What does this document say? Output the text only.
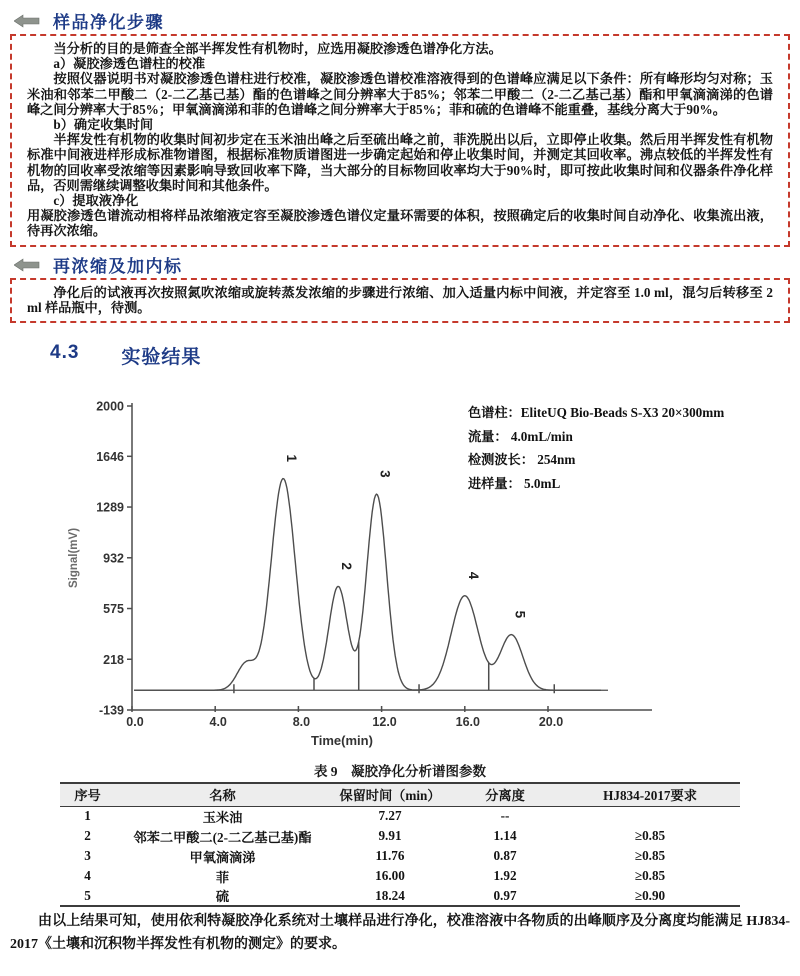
样品净化步骤

当分析的目的是筛查全部半挥发性有机物时，应选用凝胶渗透色谱净化方法。

a）凝胶渗透色谱柱的校准

按照仪器说明书对凝胶渗透色谱柱进行校准，凝胶渗透色谱校准溶液得到的色谱峰应满足以下条件：所有峰形均匀对称；玉米油和邻苯二甲酸二（2-二乙基己基）酯的色谱峰之间分辨率大于85%；邻苯二甲酸二（2-二乙基己基）酯和甲氧滴滴涕的色谱峰之间分辨率大于85%；甲氧滴滴涕和菲的色谱峰之间分辨率大于85%；菲和硫的色谱峰不能重叠，基线分离大于90%。

b）确定收集时间

半挥发性有机物的收集时间初步定在玉米油出峰之后至硫出峰之前，菲洗脱出以后，立即停止收集。然后用半挥发性有机物标准中间液进样形成标准物谱图，根据标准物质谱图进一步确定起始和停止收集时间，并测定其回收率。沸点较低的半挥发性有机物的回收率受浓缩等因素影响导致回收率下降，当大部分的目标物回收率均大于90%时，即可按此收集时间和仪器条件净化样品，否则需继续调整收集时间和其他条件。

c）提取液净化

用凝胶渗透色谱流动相将样品浓缩液定容至凝胶渗透色谱仪定量环需要的体积，按照确定后的收集时间自动净化、收集流出液，待再次浓缩。

再浓缩及加内标

净化后的试液再次按照氮吹浓缩或旋转蒸发浓缩的步骤进行浓缩、加入适量内标中间液，并定容至 1.0 ml，混匀后转移至 2 ml 样品瓶中，待测。

4.3 实验结果
2000
1646
1289
932
575
218
-139
0.0	4.0	8.0	12.0	16.0	20.0
Time(min)
Signal(mV)
1
2
3
4
5
色谱柱：EliteUQ Bio-Beads S-X3 20×300mm
流量： 4.0mL/min
检测波长： 254nm
进样量： 5.0mL
表 9　凝胶净化分析谱图参数
序号	名称	保留时间（min）	分离度	HJ834-2017要求
1	玉米油	7.27	--	
2	邻苯二甲酸二(2-二乙基己基)酯	9.91	1.14	≥0.85
3	甲氧滴滴涕	11.76	0.87	≥0.85
4	菲	16.00	1.92	≥0.85
5	硫	18.24	0.97	≥0.90

由以上结果可知，使用依利特凝胶净化系统对土壤样品进行净化，校准溶液中各物质的出峰顺序及分离度均能满足 HJ834-2017《土壤和沉积物半挥发性有机物的测定》的要求。
